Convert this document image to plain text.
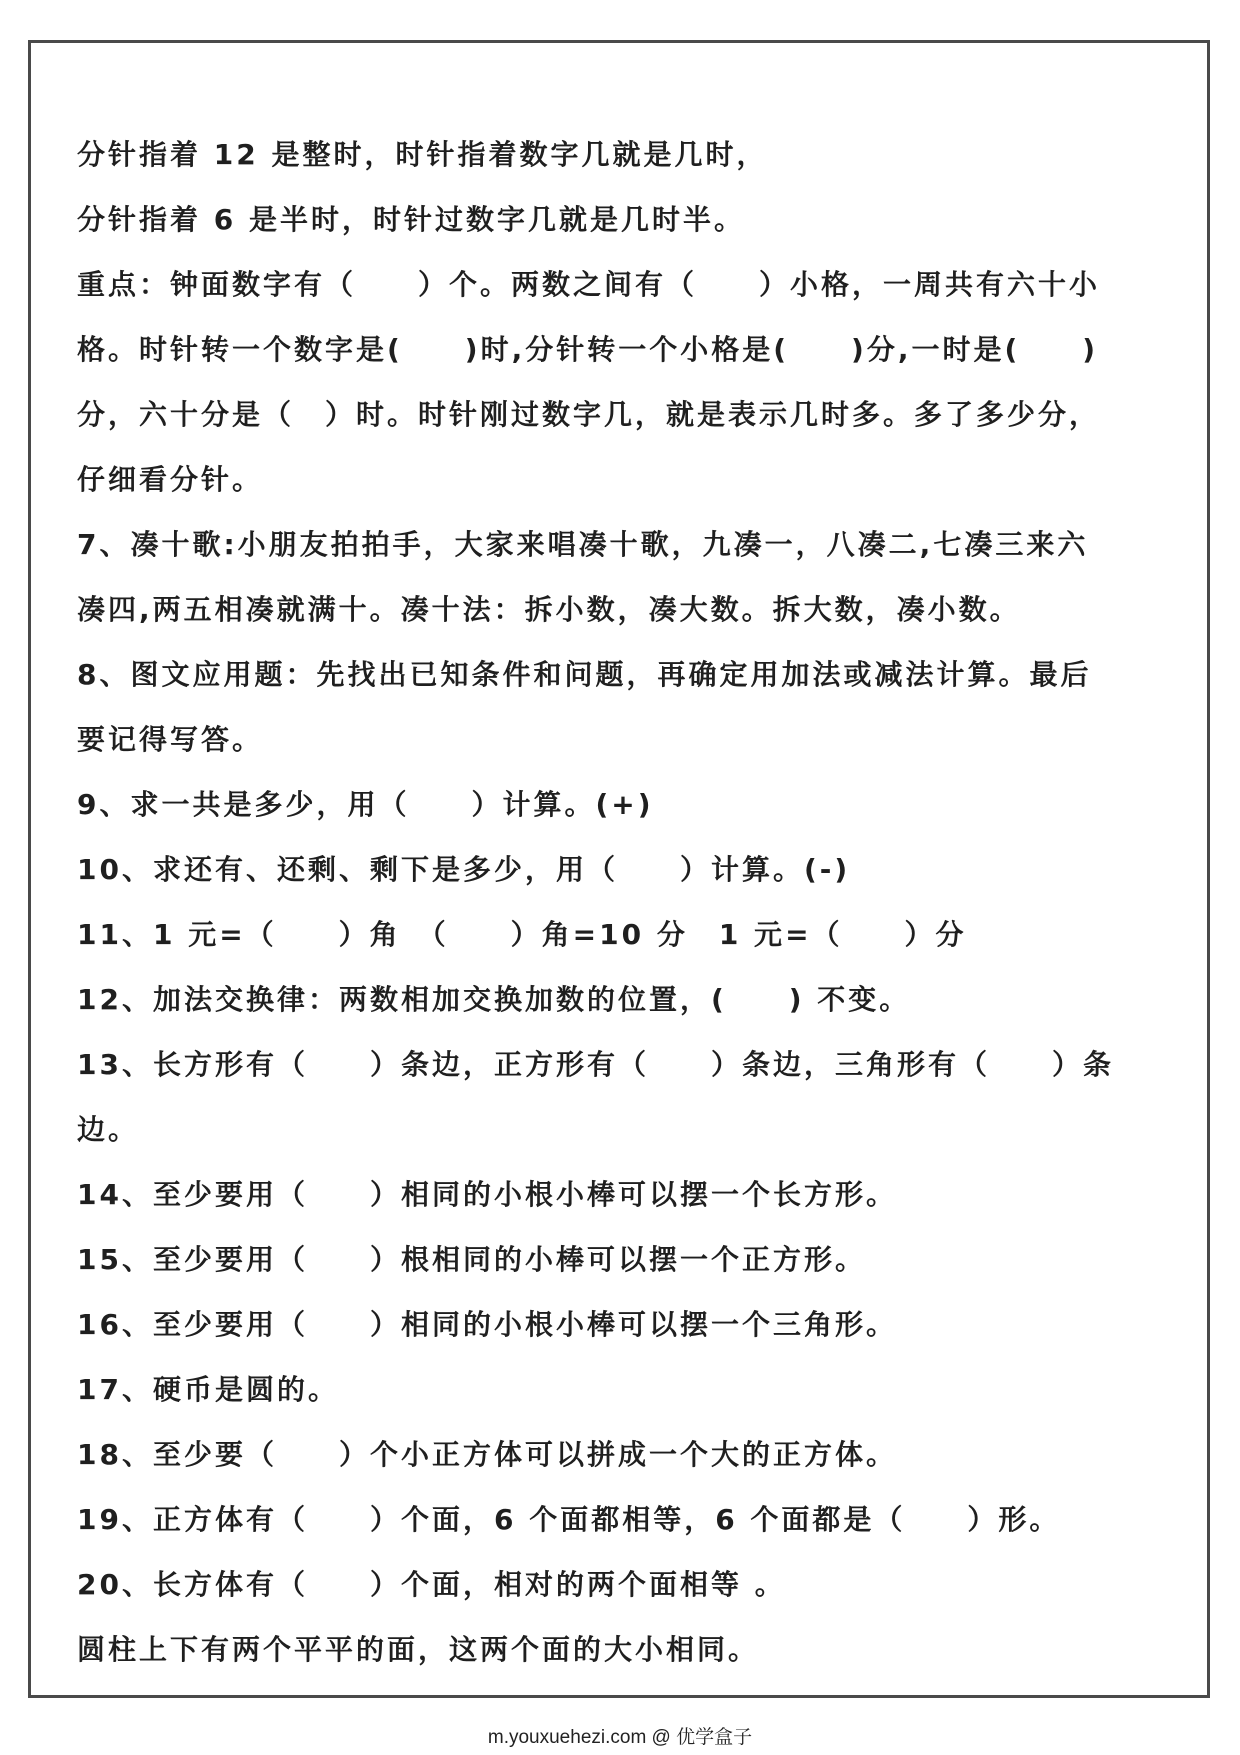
分针指着 12 是整时，时针指着数字几就是几时，
分针指着 6 是半时，时针过数字几就是几时半。
重点：钟面数字有（　　）个。两数之间有（　　）小格，一周共有六十小
格。时针转一个数字是(　　)时,分针转一个小格是(　　)分,一时是(　　)
分，六十分是（　）时。时针刚过数字几，就是表示几时多。多了多少分，
仔细看分针。
7、凑十歌:小朋友拍拍手，大家来唱凑十歌，九凑一，八凑二,七凑三来六
凑四,两五相凑就满十。凑十法：拆小数，凑大数。拆大数，凑小数。
8、图文应用题：先找出已知条件和问题，再确定用加法或减法计算。最后
要记得写答。
9、求一共是多少，用（　　）计算。(+)
10、求还有、还剩、剩下是多少，用（　　）计算。(-)
11、1 元=（　　）角　（　　）角=10 分　1 元=（　　）分
12、加法交换律：两数相加交换加数的位置，(　　) 不变。
13、长方形有（　　）条边，正方形有（　　）条边，三角形有（　　）条
边。
14、至少要用（　　）相同的小根小棒可以摆一个长方形。
15、至少要用（　　）根相同的小棒可以摆一个正方形。
16、至少要用（　　）相同的小根小棒可以摆一个三角形。
17、硬币是圆的。
18、至少要（　　）个小正方体可以拼成一个大的正方体。
19、正方体有（　　）个面，6 个面都相等，6 个面都是（　　）形。
20、长方体有（　　）个面，相对的两个面相等 。
圆柱上下有两个平平的面，这两个面的大小相同。
m.youxuehezi.com @ 优学盒子
